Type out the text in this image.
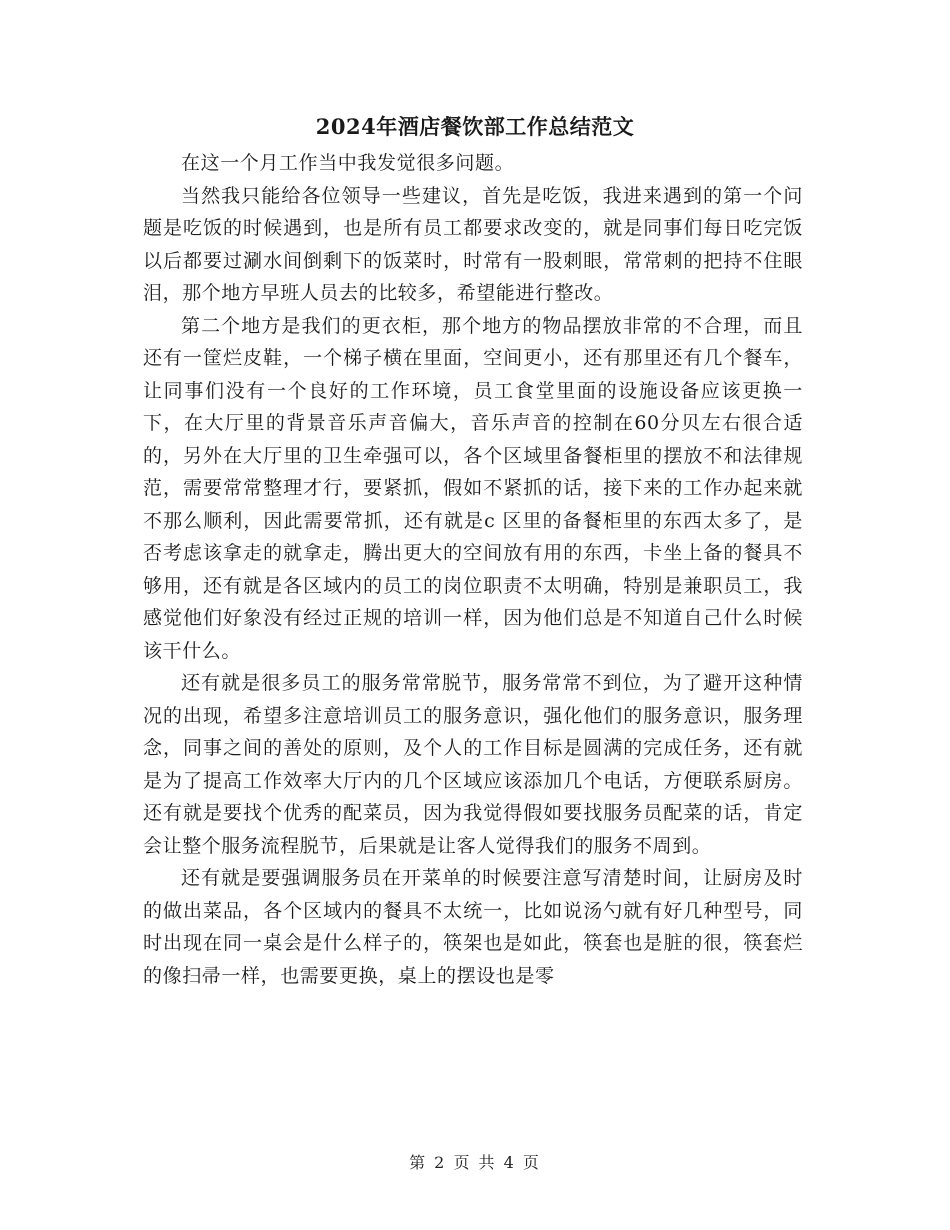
2024年酒店餐饮部工作总结范文

在这一个月工作当中我发觉很多问题。

当然我只能给各位领导一些建议，首先是吃饭，我进来遇到的第一个问题是吃饭的时候遇到，也是所有员工都要求改变的，就是同事们每日吃完饭以后都要过涮水间倒剩下的饭菜时，时常有一股刺眼，常常刺的把持不住眼泪，那个地方早班人员去的比较多，希望能进行整改。

第二个地方是我们的更衣柜，那个地方的物品摆放非常的不合理，而且还有一筐烂皮鞋，一个梯子横在里面，空间更小，还有那里还有几个餐车，让同事们没有一个良好的工作环境，员工食堂里面的设施设备应该更换一下，在大厅里的背景音乐声音偏大，音乐声音的控制在60分贝左右很合适的，另外在大厅里的卫生牵强可以，各个区域里备餐柜里的摆放不和法律规范，需要常常整理才行，要紧抓，假如不紧抓的话，接下来的工作办起来就不那么顺利，因此需要常抓，还有就是c 区里的备餐柜里的东西太多了，是否考虑该拿走的就拿走，腾出更大的空间放有用的东西，卡坐上备的餐具不够用，还有就是各区域内的员工的岗位职责不太明确，特别是兼职员工，我感觉他们好象没有经过正规的培训一样，因为他们总是不知道自己什么时候该干什么。

还有就是很多员工的服务常常脱节，服务常常不到位，为了避开这种情况的出现，希望多注意培训员工的服务意识，强化他们的服务意识，服务理念，同事之间的善处的原则，及个人的工作目标是圆满的完成任务，还有就是为了提高工作效率大厅内的几个区域应该添加几个电话，方便联系厨房。还有就是要找个优秀的配菜员，因为我觉得假如要找服务员配菜的话，肯定会让整个服务流程脱节，后果就是让客人觉得我们的服务不周到。

还有就是要强调服务员在开菜单的时候要注意写清楚时间，让厨房及时的做出菜品，各个区域内的餐具不太统一，比如说汤勺就有好几种型号，同时出现在同一桌会是什么样子的，筷架也是如此，筷套也是脏的很，筷套烂的像扫帚一样，也需要更换，桌上的摆设也是零

第 2 页 共 4 页
